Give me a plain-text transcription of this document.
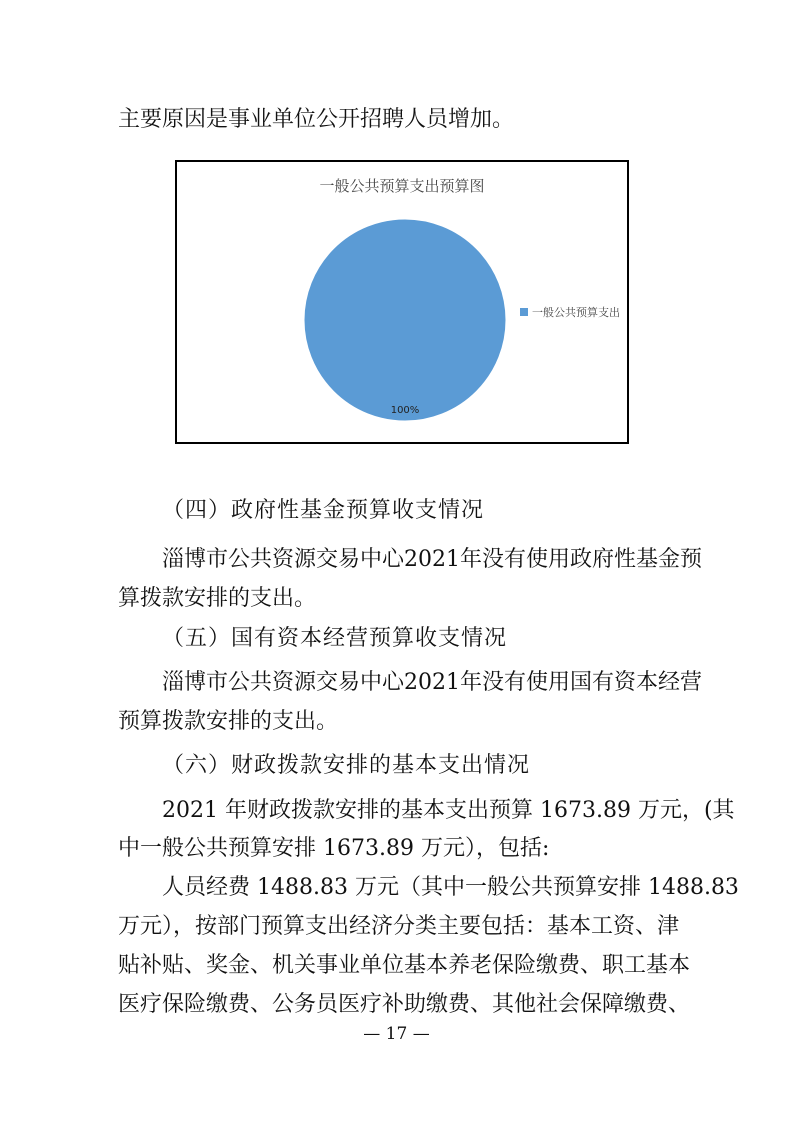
主要原因是事业单位公开招聘人员增加。
一般公共预算支出预算图
100%
一般公共预算支出
（四）政府性基金预算收支情况
淄博市公共资源交易中心2021年没有使用政府性基金预
算拨款安排的支出。
（五）国有资本经营预算收支情况
淄博市公共资源交易中心2021年没有使用国有资本经营
预算拨款安排的支出。
（六）财政拨款安排的基本支出情况
2021 年财政拨款安排的基本支出预算 1673.89 万元，(其
中一般公共预算安排 1673.89 万元），包括:
人员经费 1488.83 万元（其中一般公共预算安排 1488.83
万元），按部门预算支出经济分类主要包括：基本工资、津
贴补贴、奖金、机关事业单位基本养老保险缴费、职工基本
医疗保险缴费、公务员医疗补助缴费、其他社会保障缴费、
— 17 —
